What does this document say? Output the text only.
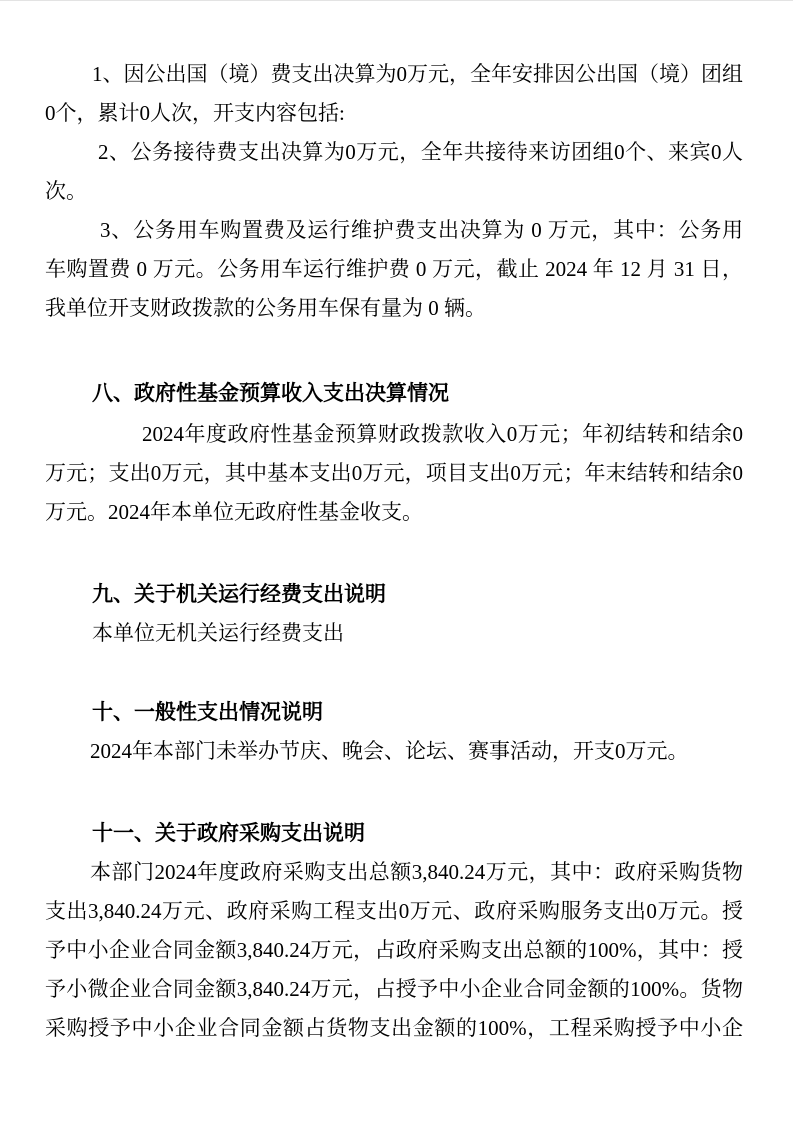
1、因公出国（境）费支出决算为0万元，全年安排因公出国（境）团组
0个，累计0人次，开支内容包括:
2、公务接待费支出决算为0万元，全年共接待来访团组0个、来宾0人
次。
3、公务用车购置费及运行维护费支出决算为 0 万元，其中：公务用
车购置费 0 万元。公务用车运行维护费 0 万元，截止 2024 年 12 月 31 日，
我单位开支财政拨款的公务用车保有量为 0 辆。
八、政府性基金预算收入支出决算情况
2024年度政府性基金预算财政拨款收入0万元；年初结转和结余0
万元；支出0万元，其中基本支出0万元，项目支出0万元；年末结转和结余0
万元。2024年本单位无政府性基金收支。
九、关于机关运行经费支出说明
本单位无机关运行经费支出
十、一般性支出情况说明
2024年本部门未举办节庆、晚会、论坛、赛事活动，开支0万元。
十一、关于政府采购支出说明
本部门2024年度政府采购支出总额3,840.24万元，其中：政府采购货物
支出3,840.24万元、政府采购工程支出0万元、政府采购服务支出0万元。授
予中小企业合同金额3,840.24万元，占政府采购支出总额的100%，其中：授
予小微企业合同金额3,840.24万元，占授予中小企业合同金额的100%。货物
采购授予中小企业合同金额占货物支出金额的100%，工程采购授予中小企
